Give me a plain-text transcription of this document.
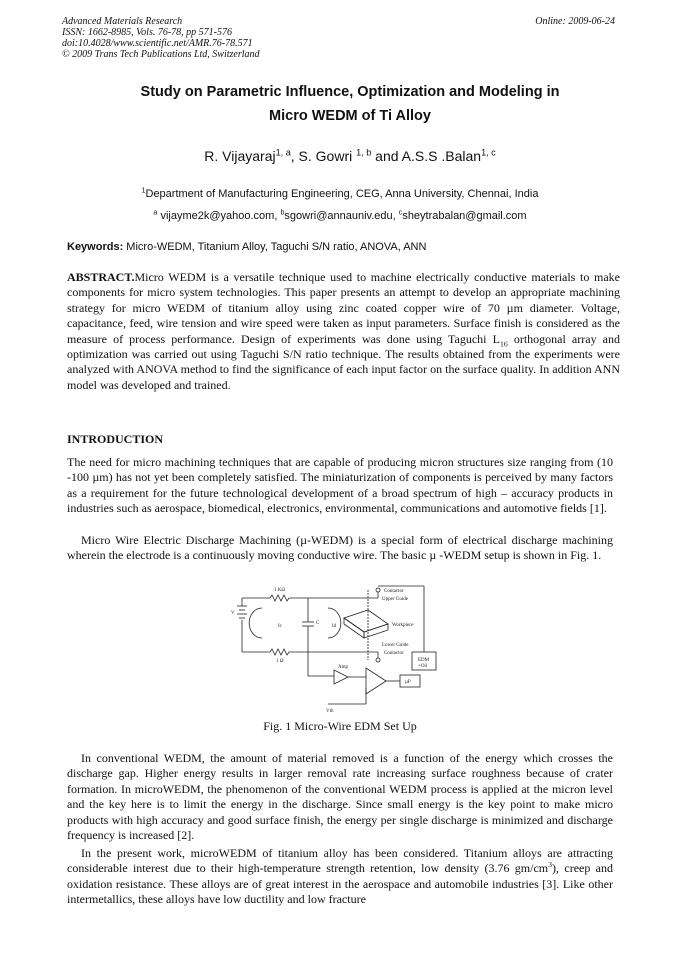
Advanced Materials Research
ISSN: 1662-8985, Vols. 76-78, pp 571-576
doi:10.4028/www.scientific.net/AMR.76-78.571
© 2009 Trans Tech Publications Ltd, Switzerland
Online: 2009-06-24
Study on Parametric Influence, Optimization and Modeling in
Micro WEDM of Ti Alloy
R. Vijayaraj$^{1, a}$, S. Gowri $^{1, b}$ and A.S.S .Balan$^{1, c}$
$^1$Department of Manufacturing Engineering, CEG, Anna University, Chennai, India
$^a$ vijayme2k@yahoo.com, $^b$sgowri@annauniv.edu, $^c$sheytrabalan@gmail.com
Keywords: Micro-WEDM, Titanium Alloy, Taguchi S/N ratio, ANOVA, ANN
ABSTRACT.Micro WEDM is a versatile technique used to machine electrically conductive materials to make components for micro system technologies. This paper presents an attempt to develop an appropriate machining strategy for micro WEDM of titanium alloy using zinc coated copper wire of 70 µm diameter. Voltage, capacitance, feed, wire tension and wire speed were taken as input parameters. Surface finish is considered as the measure of process performance. Design of experiments was done using Taguchi $L_{16}$ orthogonal array and optimization was carried out using Taguchi S/N ratio technique. The results obtained from the experiments were analyzed with ANOVA method to find the significance of each input factor on the surface quality. In addition ANN model was developed and trained.
INTRODUCTION
The need for micro machining techniques that are capable of producing micron structures size ranging from (10 -100 µm) has not yet been completely satisfied. The miniaturization of components is perceived by many factors as a requirement for the future technological development of a broad spectrum of high – accuracy products in industries such as aerospace, biomedical, electronics, environmental, communications and automotive fields [1].
Micro Wire Electric Discharge Machining (µ-WEDM) is a special form of electrical discharge machining wherein the electrode is a continuously moving conductive wire. The basic µ -WEDM setup is shown in Fig. 1.
1 KΩ
1 Ω
V
Ic
C
Id
Contactor
Upper Guide
Workpiece
Lower Guide
Contactor
EDM
+Oil
Amp
Vth
µP
Fig. 1 Micro-Wire EDM Set Up
In conventional WEDM, the amount of material removed is a function of the energy which crosses the discharge gap. Higher energy results in larger removal rate increasing surface roughness because of crater formation. In microWEDM, the phenomenon of the conventional WEDM process is applied at the micron level and the key here is to limit the energy in the discharge. Since small energy is the key point to make micro products with high accuracy and good surface finish, the energy per single discharge is minimized and discharge frequency is increased [2].
In the present work, microWEDM of titanium alloy has been considered. Titanium alloys are attracting considerable interest due to their high-temperature strength retention, low density (3.76 $gm/cm^3$), creep and oxidation resistance. These alloys are of great interest in the aerospace and automobile industries [3]. Like other intermetallics, these alloys have low ductility and low fracture
